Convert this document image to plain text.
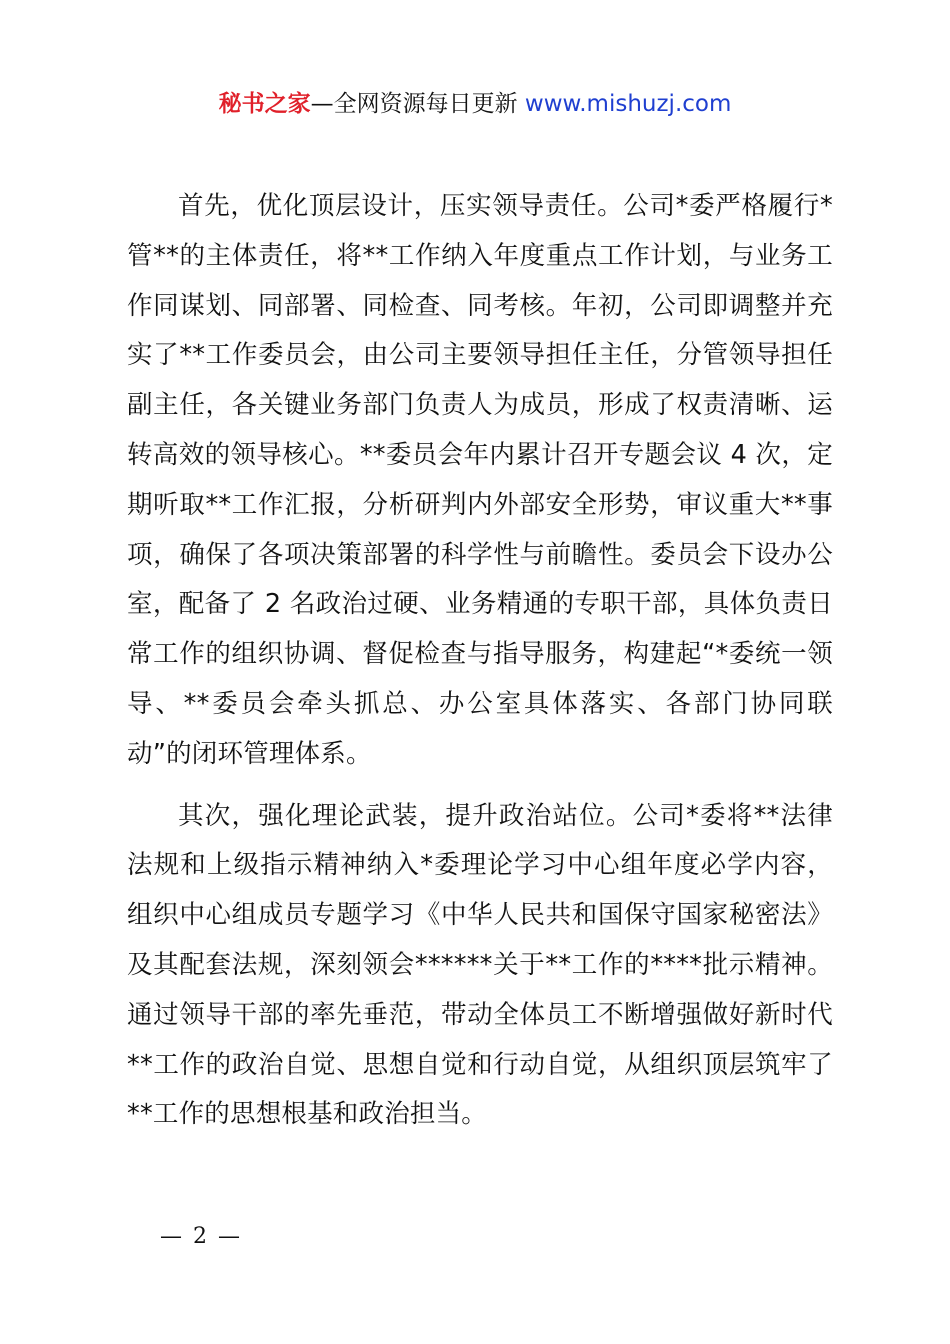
秘书之家—全网资源每日更新 www.mishuzj.com

首先，优化顶层设计，压实领导责任。公司*委严格履行*管**的主体责任，将**工作纳入年度重点工作计划，与业务工作同谋划、同部署、同检查、同考核。年初，公司即调整并充实了**工作委员会，由公司主要领导担任主任，分管领导担任副主任，各关键业务部门负责人为成员，形成了权责清晰、运转高效的领导核心。**委员会年内累计召开专题会议 4 次，定期听取**工作汇报，分析研判内外部安全形势，审议重大**事项，确保了各项决策部署的科学性与前瞻性。委员会下设办公室，配备了 2 名政治过硬、业务精通的专职干部，具体负责日常工作的组织协调、督促检查与指导服务，构建起“*委统一领导、**委员会牵头抓总、办公室具体落实、各部门协同联动”的闭环管理体系。

其次，强化理论武装，提升政治站位。公司*委将**法律法规和上级指示精神纳入*委理论学习中心组年度必学内容，组织中心组成员专题学习《中华人民共和国保守国家秘密法》及其配套法规，深刻领会******关于**工作的****批示精神。通过领导干部的率先垂范，带动全体员工不断增强做好新时代**工作的政治自觉、思想自觉和行动自觉，从组织顶层筑牢了**工作的思想根基和政治担当。

— 2 —
